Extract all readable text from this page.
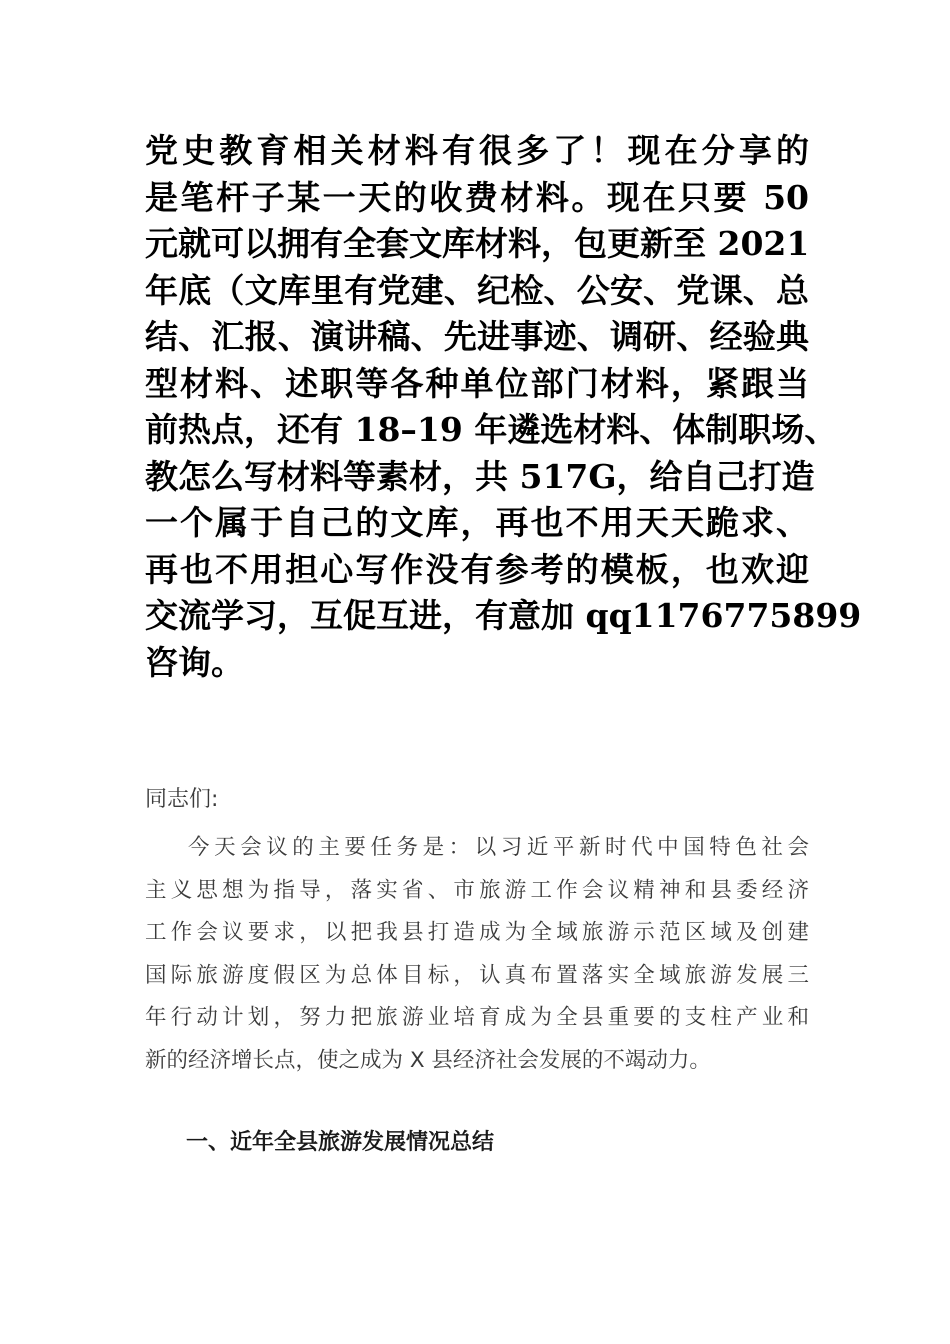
党史教育相关材料有很多了！现在分享的
是笔杆子某一天的收费材料。现在只要 50
元就可以拥有全套文库材料，包更新至 2021
年底（文库里有党建、纪检、公安、党课、总
结、汇报、演讲稿、先进事迹、调研、经验典
型材料、述职等各种单位部门材料，紧跟当
前热点，还有 18–19 年遴选材料、体制职场、
教怎么写材料等素材，共 517G，给自己打造
一个属于自己的文库，再也不用天天跪求、
再也不用担心写作没有参考的模板，也欢迎
交流学习，互促互进，有意加 qq1176775899
咨询。
同志们:
今天会议的主要任务是：以习近平新时代中国特色社会
主义思想为指导，落实省、市旅游工作会议精神和县委经济
工作会议要求，以把我县打造成为全域旅游示范区域及创建
国际旅游度假区为总体目标，认真布置落实全域旅游发展三
年行动计划，努力把旅游业培育成为全县重要的支柱产业和
新的经济增长点，使之成为 X 县经济社会发展的不竭动力。
一、近年全县旅游发展情况总结
